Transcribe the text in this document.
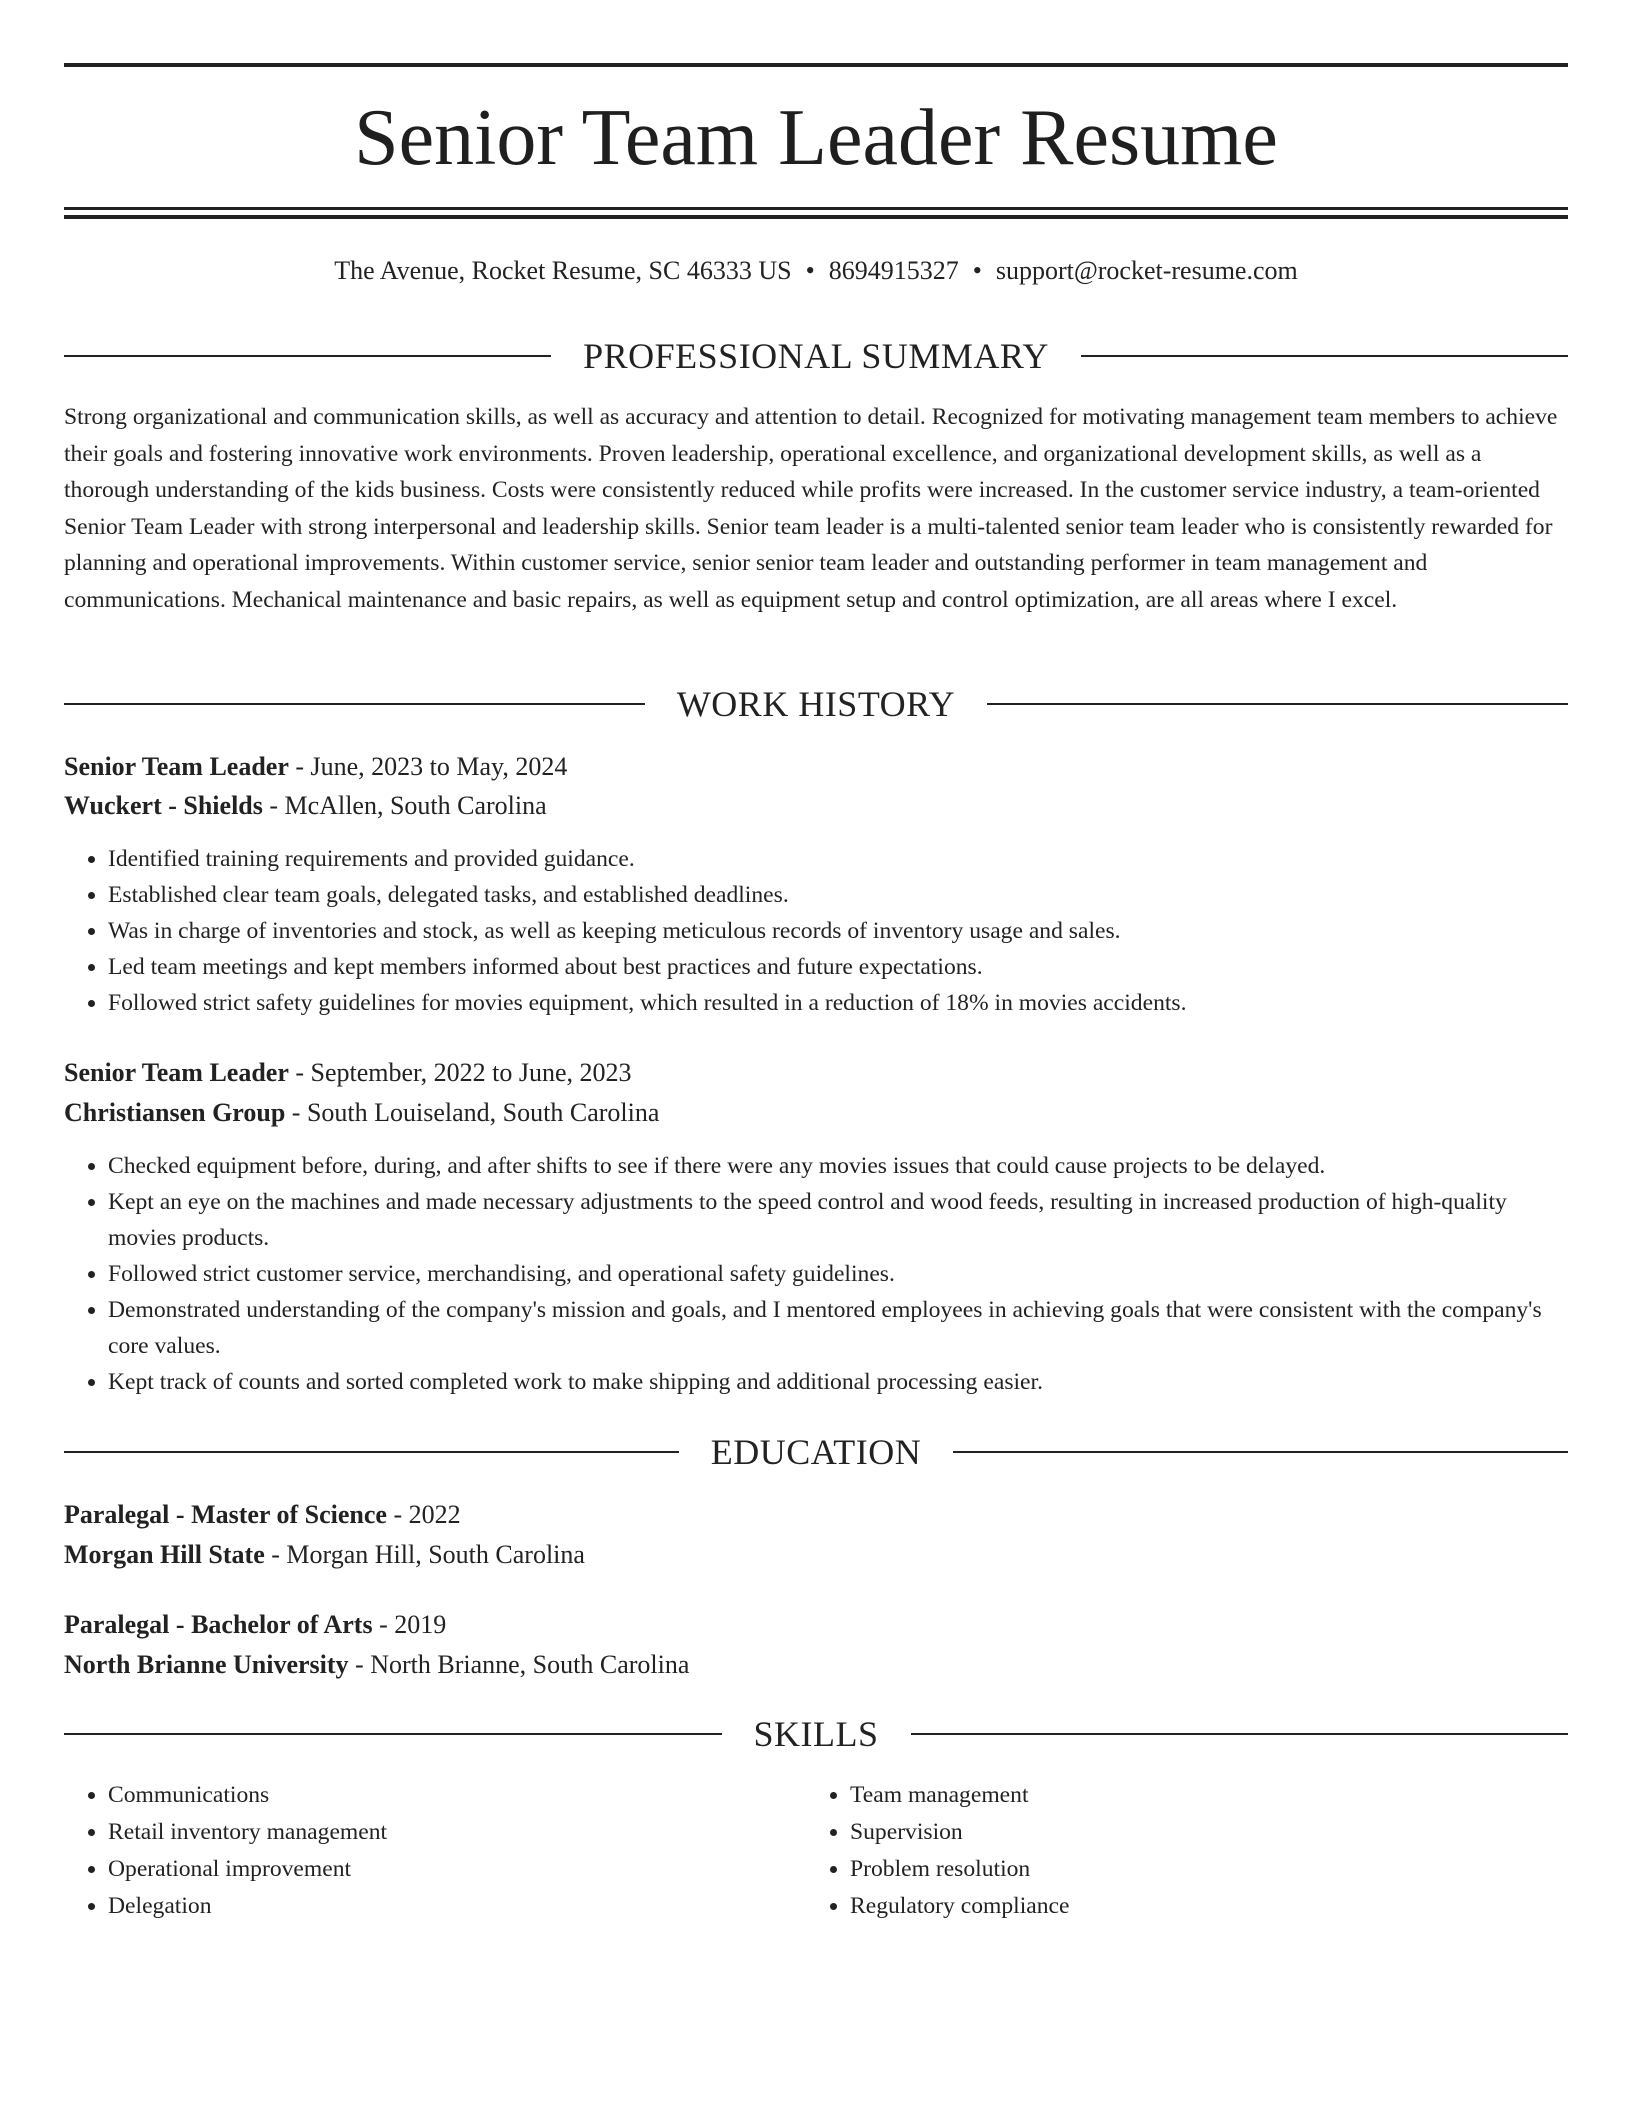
Senior Team Leader Resume
The Avenue, Rocket Resume, SC 46333 US • 8694915327 • support@rocket-resume.com
PROFESSIONAL SUMMARY

Strong organizational and communication skills, as well as accuracy and attention to detail. Recognized for motivating management team members to achieve their goals and fostering innovative work environments. Proven leadership, operational excellence, and organizational development skills, as well as a thorough understanding of the kids business. Costs were consistently reduced while profits were increased. In the customer service industry, a team-oriented Senior Team Leader with strong interpersonal and leadership skills. Senior team leader is a multi-talented senior team leader who is consistently rewarded for planning and operational improvements. Within customer service, senior senior team leader and outstanding performer in team management and communications. Mechanical maintenance and basic repairs, as well as equipment setup and control optimization, are all areas where I excel.

WORK HISTORY
Senior Team Leader - June, 2023 to May, 2024
Wuckert - Shields - McAllen, South Carolina
• Identified training requirements and provided guidance.
• Established clear team goals, delegated tasks, and established deadlines.
• Was in charge of inventories and stock, as well as keeping meticulous records of inventory usage and sales.
• Led team meetings and kept members informed about best practices and future expectations.
• Followed strict safety guidelines for movies equipment, which resulted in a reduction of 18% in movies accidents.
Senior Team Leader - September, 2022 to June, 2023
Christiansen Group - South Louiseland, South Carolina
• Checked equipment before, during, and after shifts to see if there were any movies issues that could cause projects to be delayed.
• Kept an eye on the machines and made necessary adjustments to the speed control and wood feeds, resulting in increased production of high-quality movies products.
• Followed strict customer service, merchandising, and operational safety guidelines.
• Demonstrated understanding of the company's mission and goals, and I mentored employees in achieving goals that were consistent with the company's core values.
• Kept track of counts and sorted completed work to make shipping and additional processing easier.
EDUCATION
Paralegal - Master of Science - 2022
Morgan Hill State - Morgan Hill, South Carolina
Paralegal - Bachelor of Arts - 2019
North Brianne University - North Brianne, South Carolina
SKILLS
• Communications
• Retail inventory management
• Operational improvement
• Delegation
• Team management
• Supervision
• Problem resolution
• Regulatory compliance
